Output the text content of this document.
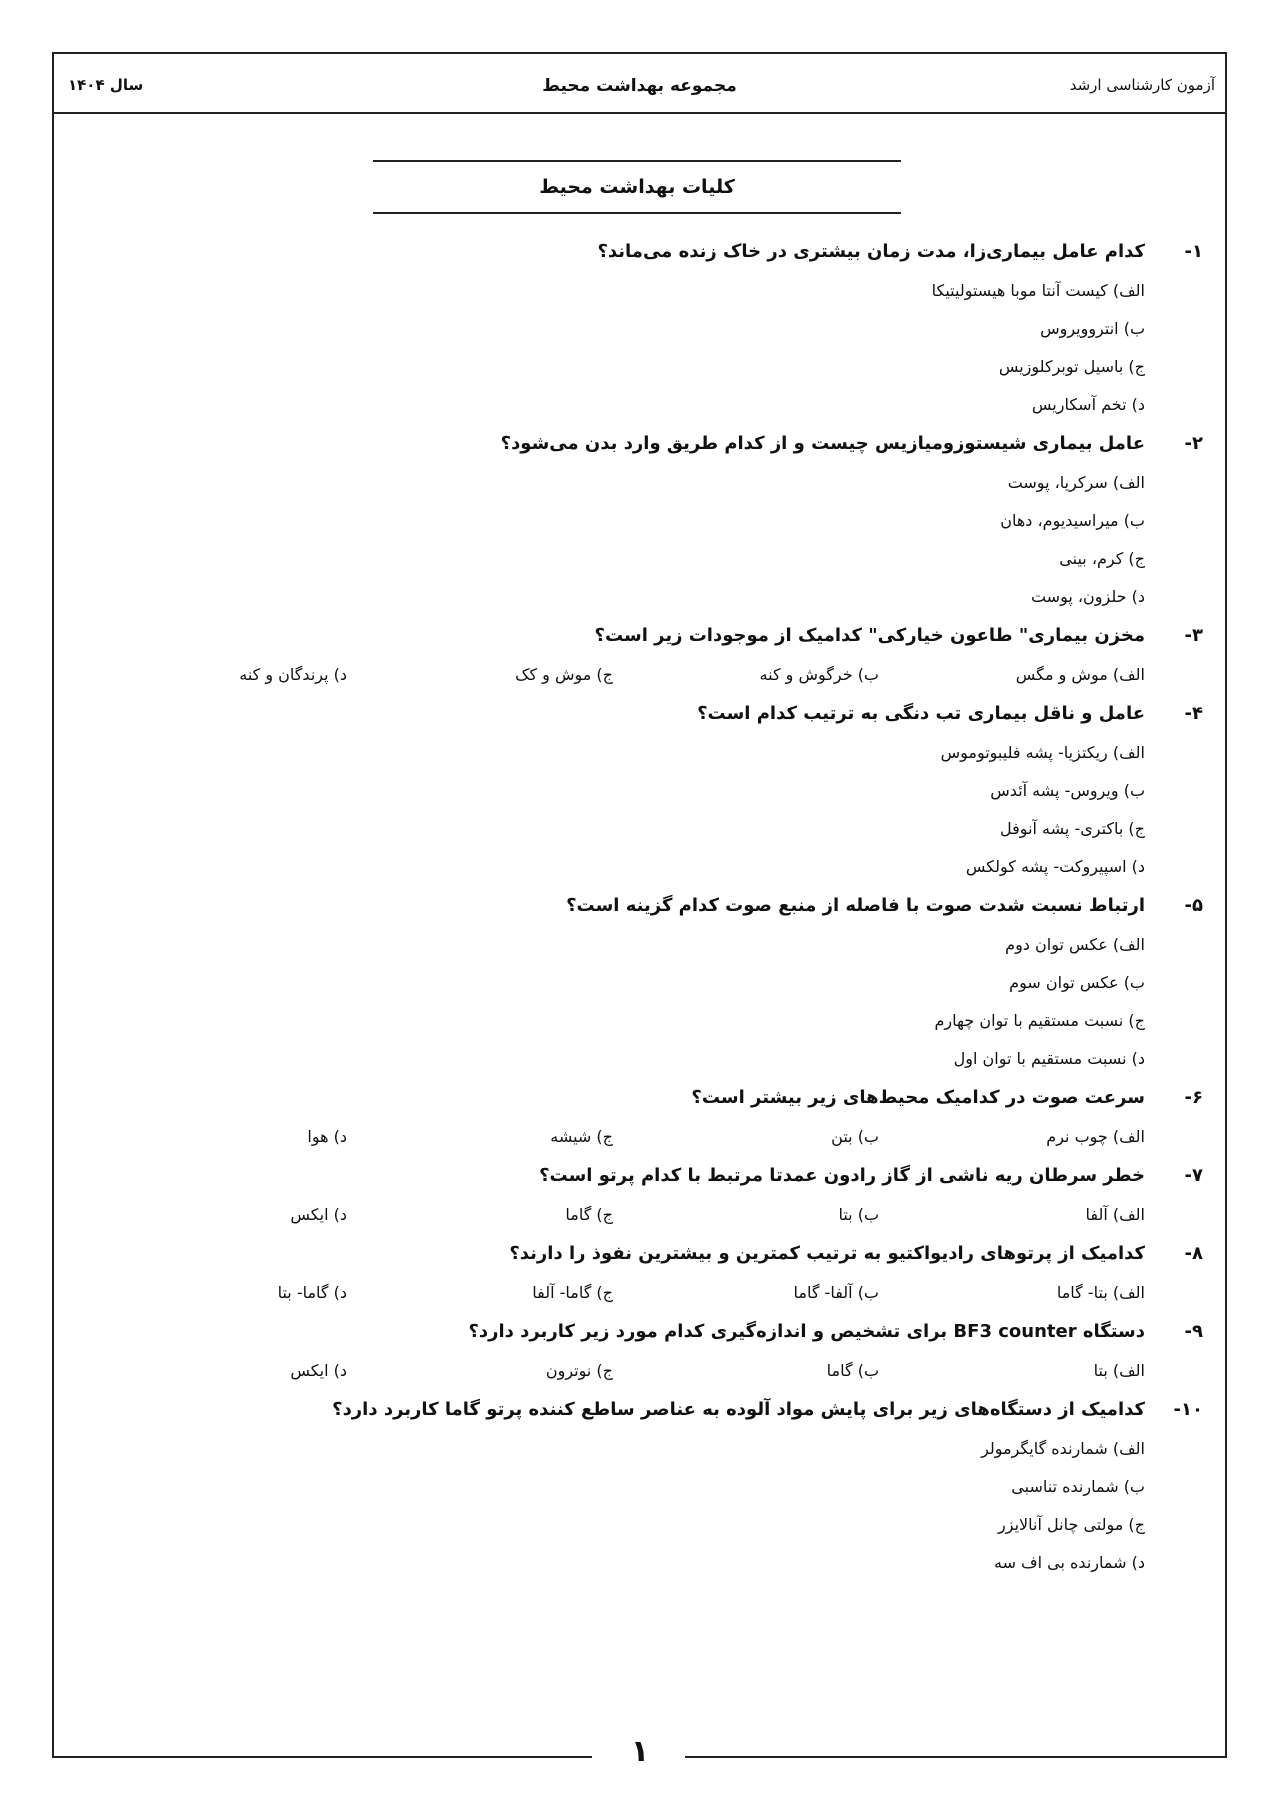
۱
آزمون کارشناسی ارشد
مجموعه بهداشت محیط
سال ۱۴۰۴
کلیات بهداشت محیط
۱-کدام عامل بیماری‌زا، مدت زمان بیشتری در خاک زنده می‌ماند؟
الف) کیست آنتا موبا هیستولیتیکا
ب) انتروویروس
ج) باسیل توبرکلوزیس
د) تخم آسکاریس
۲-عامل بیماری شیستوزومیازیس چیست و از کدام طریق وارد بدن می‌شود؟
الف) سرکریا، پوست
ب) میراسیدیوم، دهان
ج) کرم، بینی
د) حلزون، پوست
۳-مخزن بیماری" طاعون خیارکی" کدامیک از موجودات زیر است؟
الف) موش و مگس
ب) خرگوش و کنه
ج) موش و کک
د) پرندگان و کنه
۴-عامل و ناقل بیماری تب دنگی به ترتیب کدام است؟
الف) ریکتزیا- پشه فلیبوتوموس
ب) ویروس- پشه آئدس
ج) باکتری- پشه آنوفل
د) اسپیروکت- پشه کولکس
۵-ارتباط نسبت شدت صوت با فاصله از منبع صوت کدام گزینه است؟
الف) عکس توان دوم
ب) عکس توان سوم
ج) نسبت مستقیم با توان چهارم
د) نسبت مستقیم با توان اول
۶-سرعت صوت در کدامیک محیط‌های زیر بیشتر است؟
الف) چوب نرم
ب) بتن
ج) شیشه
د) هوا
۷-خطر سرطان ریه ناشی از گاز رادون عمدتا مرتبط با کدام پرتو است؟
الف) آلفا
ب) بتا
ج) گاما
د) ایکس
۸-کدامیک از پرتوهای رادیواکتیو به ترتیب کمترین و بیشترین نفوذ را دارند؟
الف) بتا- گاما
ب) آلفا- گاما
ج) گاما- آلفا
د) گاما- بتا
۹-دستگاه BF3 counter برای تشخیص و اندازه‌گیری کدام مورد زیر کاربرد دارد؟
الف) بتا
ب) گاما
ج) نوترون
د) ایکس
۱۰-کدامیک از دستگاه‌های زیر برای پایش مواد آلوده به عناصر ساطع کننده پرتو گاما کاربرد دارد؟
الف) شمارنده گایگرمولر
ب) شمارنده تناسبی
ج) مولتی چانل آنالایزر
د) شمارنده بی اف سه
